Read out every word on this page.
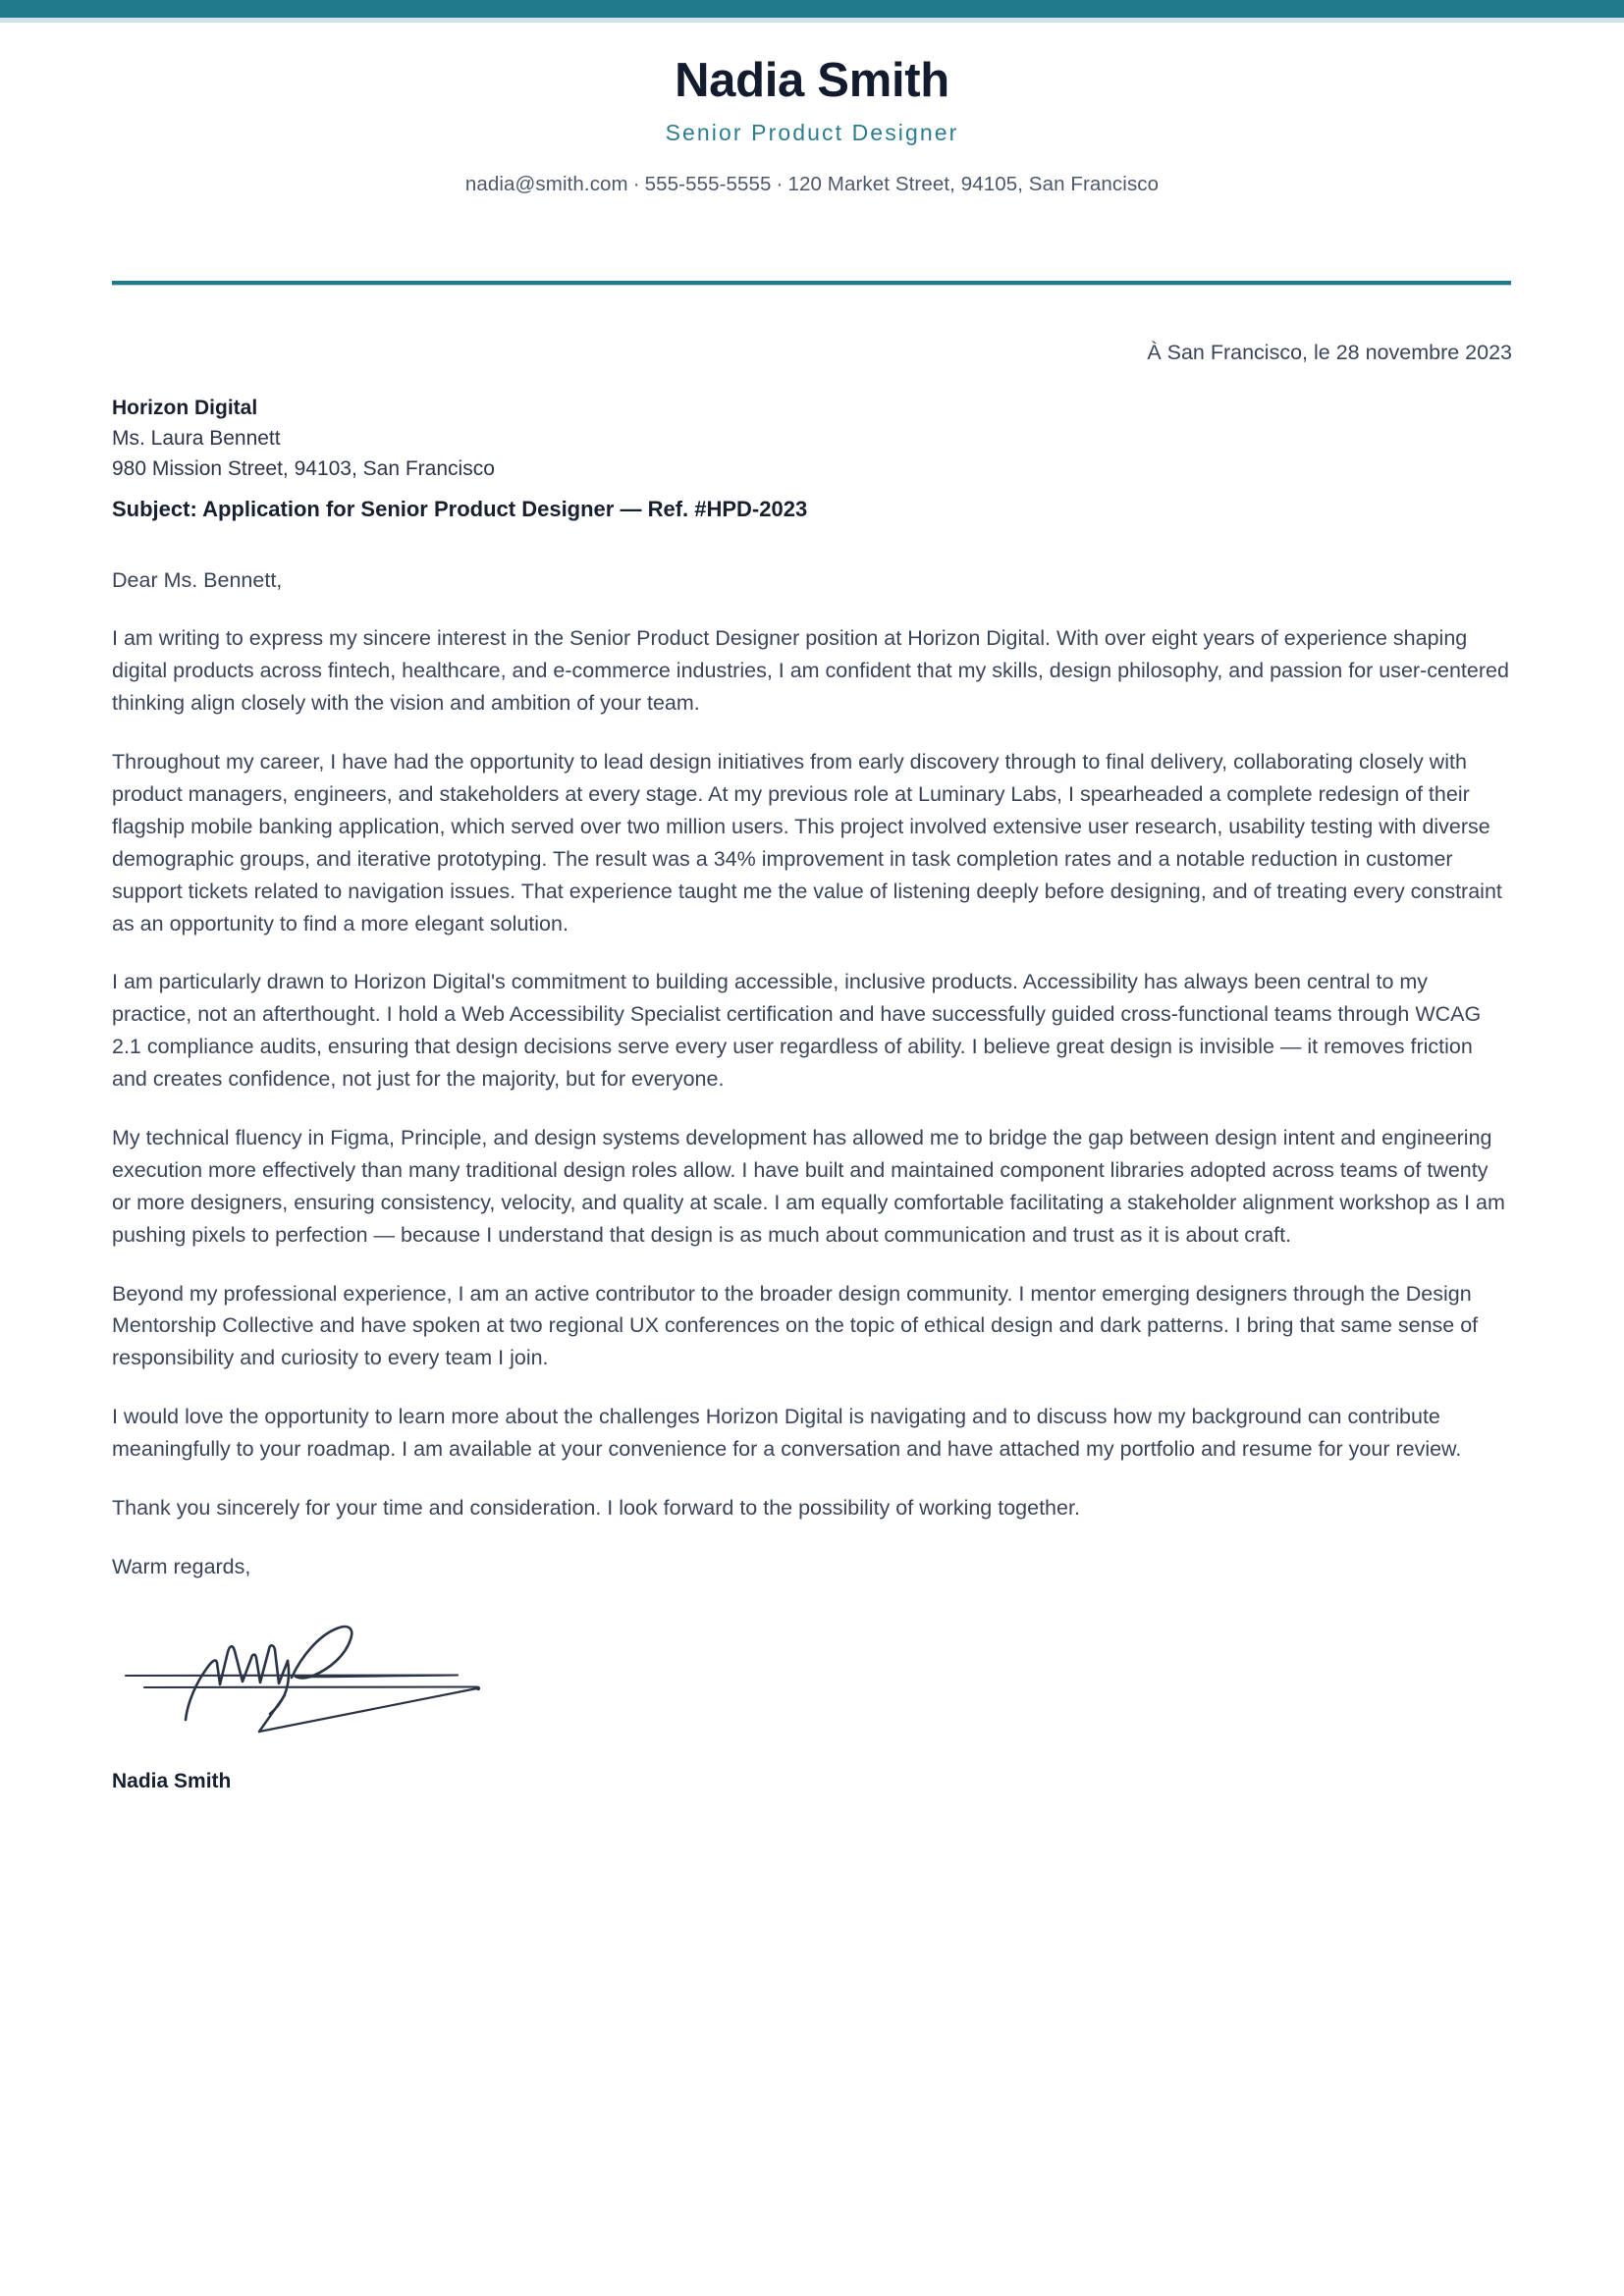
Nadia Smith

Senior Product Designer

nadia@smith.com · 555-555-5555 · 120 Market Street, 94105, San Francisco

À San Francisco, le 28 novembre 2023

Horizon Digital
Ms. Laura Bennett
980 Mission Street, 94103, San Francisco

Subject: Application for Senior Product Designer — Ref. #HPD-2023

Dear Ms. Bennett,

I am writing to express my sincere interest in the Senior Product Designer position at Horizon Digital. With over eight years of experience shaping digital products across fintech, healthcare, and e-commerce industries, I am confident that my skills, design philosophy, and passion for user-centered thinking align closely with the vision and ambition of your team.

Throughout my career, I have had the opportunity to lead design initiatives from early discovery through to final delivery, collaborating closely with product managers, engineers, and stakeholders at every stage. At my previous role at Luminary Labs, I spearheaded a complete redesign of their flagship mobile banking application, which served over two million users. This project involved extensive user research, usability testing with diverse demographic groups, and iterative prototyping. The result was a 34% improvement in task completion rates and a notable reduction in customer support tickets related to navigation issues. That experience taught me the value of listening deeply before designing, and of treating every constraint as an opportunity to find a more elegant solution.

I am particularly drawn to Horizon Digital's commitment to building accessible, inclusive products. Accessibility has always been central to my practice, not an afterthought. I hold a Web Accessibility Specialist certification and have successfully guided cross-functional teams through WCAG 2.1 compliance audits, ensuring that design decisions serve every user regardless of ability. I believe great design is invisible — it removes friction and creates confidence, not just for the majority, but for everyone.

My technical fluency in Figma, Principle, and design systems development has allowed me to bridge the gap between design intent and engineering execution more effectively than many traditional design roles allow. I have built and maintained component libraries adopted across teams of twenty or more designers, ensuring consistency, velocity, and quality at scale. I am equally comfortable facilitating a stakeholder alignment workshop as I am pushing pixels to perfection — because I understand that design is as much about communication and trust as it is about craft.

Beyond my professional experience, I am an active contributor to the broader design community. I mentor emerging designers through the Design Mentorship Collective and have spoken at two regional UX conferences on the topic of ethical design and dark patterns. I bring that same sense of responsibility and curiosity to every team I join.

I would love the opportunity to learn more about the challenges Horizon Digital is navigating and to discuss how my background can contribute meaningfully to your roadmap. I am available at your convenience for a conversation and have attached my portfolio and resume for your review.

Thank you sincerely for your time and consideration. I look forward to the possibility of working together.

Warm regards,

Nadia Smith
